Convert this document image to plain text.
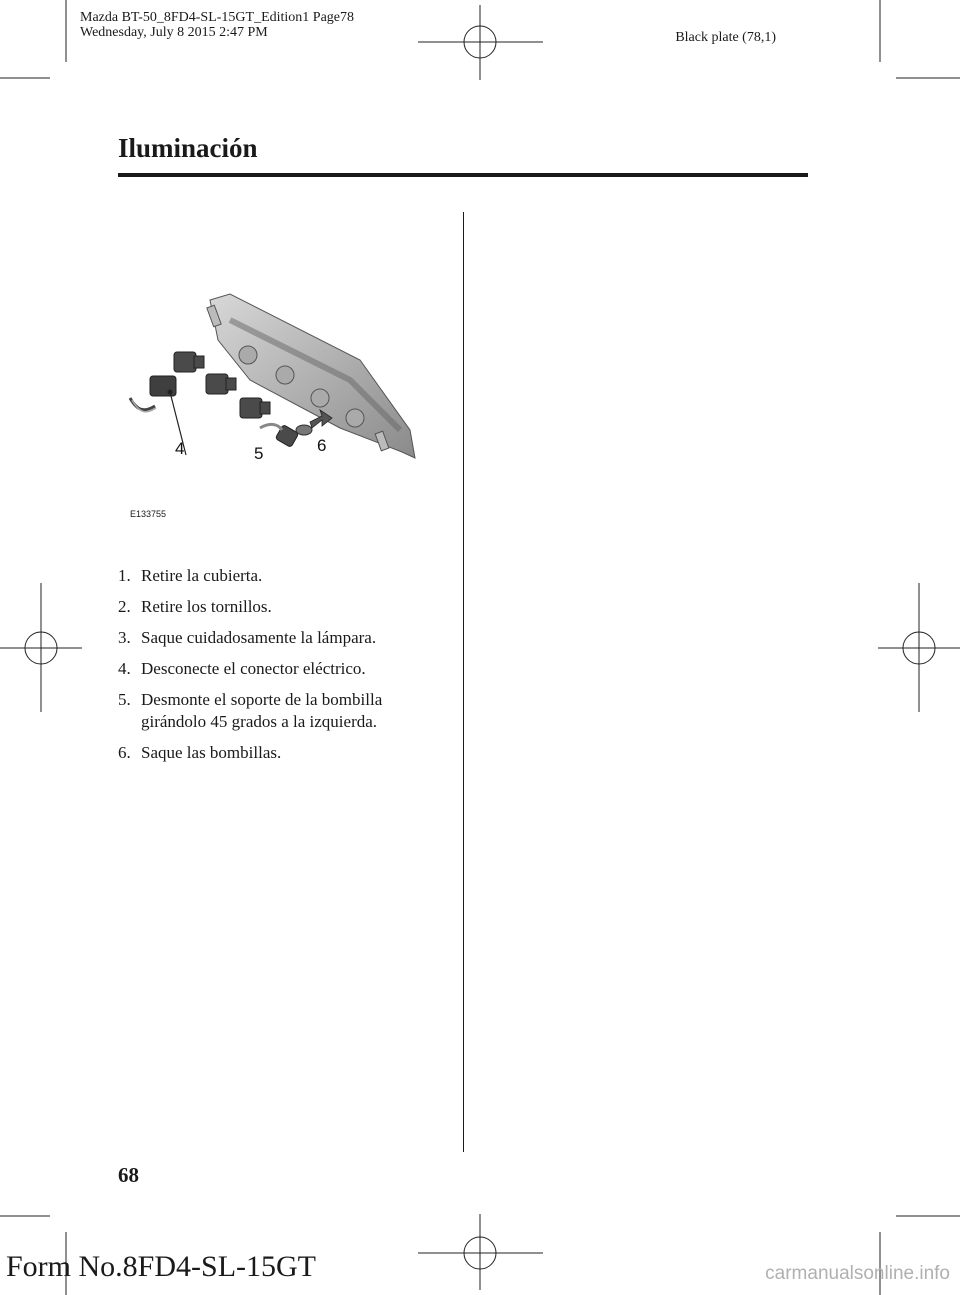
Mazda BT-50_8FD4-SL-15GT_Edition1 Page78
Wednesday, July 8 2015 2:47 PM	Black plate (78,1)
Iluminación
4	5	6
E133755
1. Retire la cubierta.
2. Retire los tornillos.
3. Saque cuidadosamente la lámpara.
4. Desconecte el conector eléctrico.
5. Desmonte el soporte de la bombilla girándolo 45 grados a la izquierda.
6. Saque las bombillas.
68
Form No.8FD4-SL-15GT	carmanualsonline.info
